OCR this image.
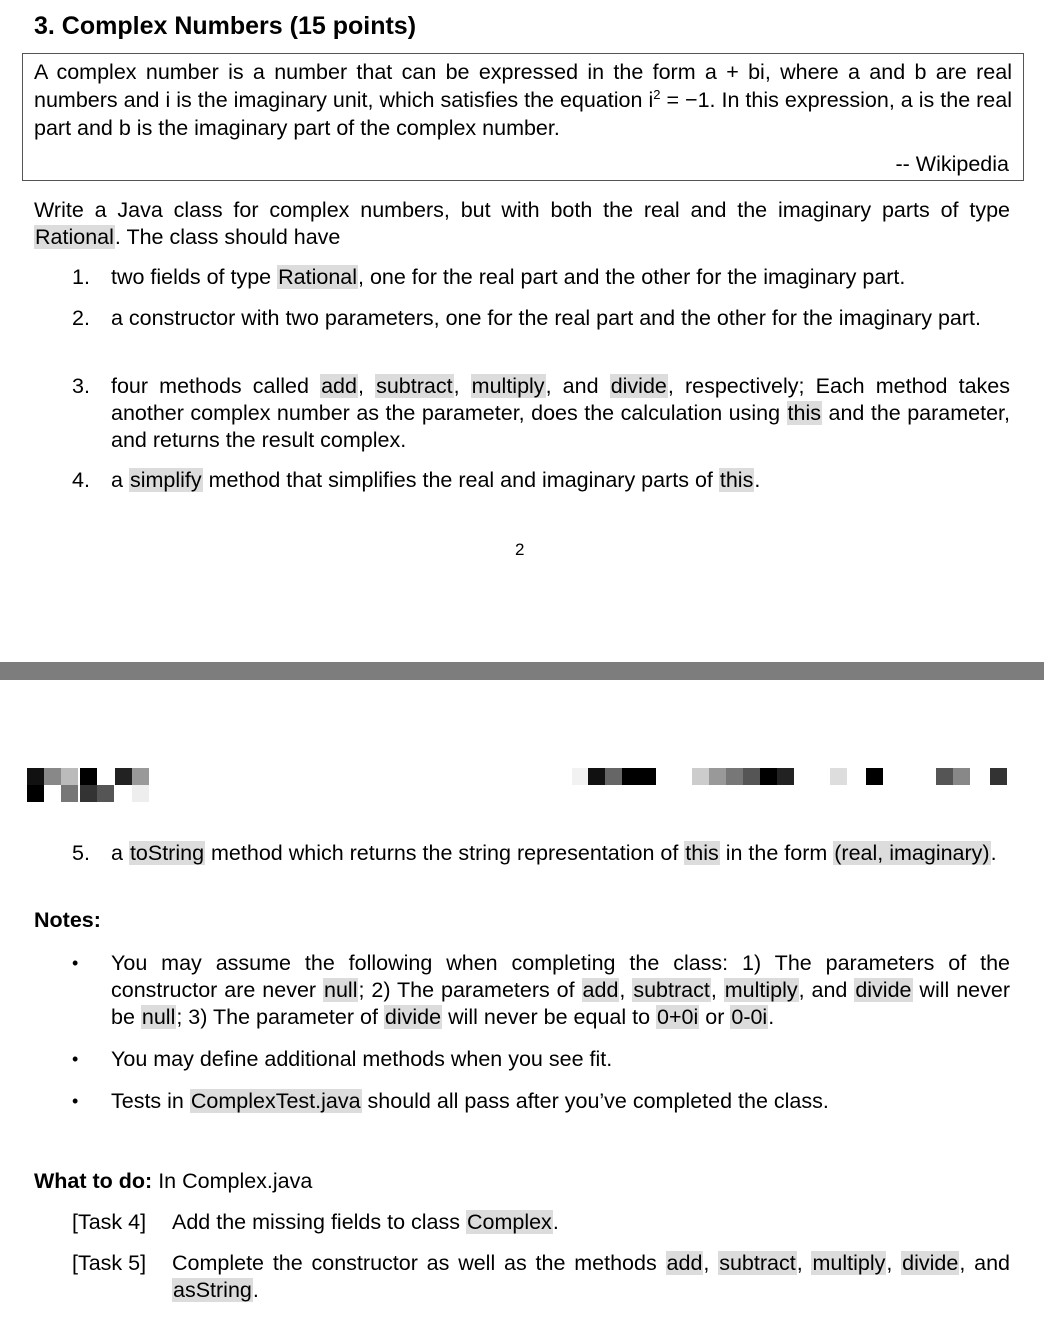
3. Complex Numbers (15 points)
A complex number is a number that can be expressed in the form a + bi, where a and b are real numbers and i is the imaginary unit, which satisfies the equation $i^2 = -1$. In this expression, a is the real part and b is the imaginary part of the complex number.
-- Wikipedia
Write a Java class for complex numbers, but with both the real and the imaginary parts of type Rational. The class should have
1. two fields of type Rational, one for the real part and the other for the imaginary part.
2. a constructor with two parameters, one for the real part and the other for the imaginary part.
3. four methods called add, subtract, multiply, and divide, respectively; Each method takes another complex number as the parameter, does the calculation using this and the parameter, and returns the result complex.
4. a simplify method that simplifies the real and imaginary parts of this.
2
5. a toString method which returns the string representation of this in the form (real, imaginary).
Notes:
• You may assume the following when completing the class: 1) The parameters of the constructor are never null; 2) The parameters of add, subtract, multiply, and divide will never be null; 3) The parameter of divide will never be equal to 0+0i or 0-0i.
• You may define additional methods when you see fit.
• Tests in ComplexTest.java should all pass after you’ve completed the class.
What to do: In Complex.java
[Task 4] Add the missing fields to class Complex.
[Task 5] Complete the constructor as well as the methods add, subtract, multiply, divide, and asString.
